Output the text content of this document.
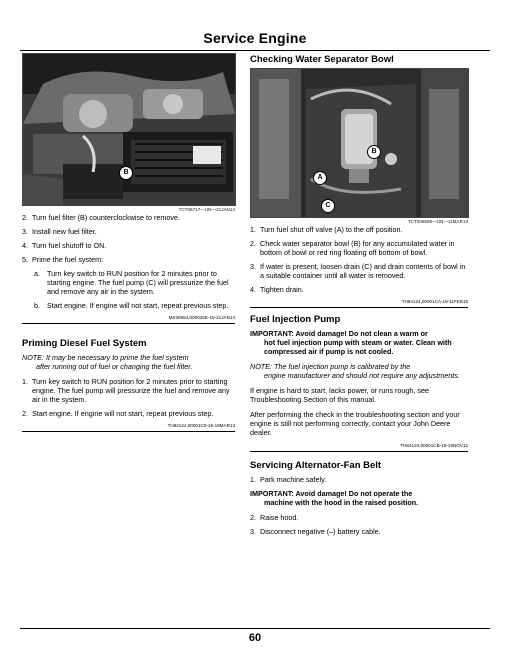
Service Engine
B
TCT06717—UN—21JAN14
2. Turn fuel filter (B) counterclockwise to remove.
3. Install new fuel filter.
4. Turn fuel shutoff to ON.
5. Prime the fuel system:
a. Turn key switch to RUN position for 2 minutes prior to starting engine. The fuel pump (C) will pressurize the fuel and remove any air in the system.
b. Start engine. If engine will not start, repeat previous step.
MX30654,000025E-19-21JAN14
Priming Diesel Fuel System
NOTE: It may be necessary to prime the fuel system
after running out of fuel or changing the fuel filter.
1. Turn key switch to RUN position for 2 minutes prior to starting engine. The fuel pump will pressurize the fuel and remove any air in the system.
2. Start engine. If engine will not start, repeat previous step.
TH84124,00001C9-19-19MAR13
Checking Water Separator Bowl
B
A
C
TCT006589—UN—11MAR13
1. Turn fuel shut off valve (A) to the off position.
2. Check water separator bowl (B) for any accumulated water in bottom of bowl or red ring floating off bottom of bowl.
3. If water is present, loosen drain (C) and drain contents of bowl in a suitable container until all water is removed.
4. Tighten drain.
TH84124,00001CA-19-11FEB15
Fuel Injection Pump
IMPORTANT: Avoid damage! Do not clean a warm or
hot fuel injection pump with steam or water. Clean with compressed air if pump is not cooled.
NOTE: The fuel injection pump is calibrated by the
engine manufacturer and should not require any adjustments.
If engine is hard to start, lacks power, or runs rough, see Troubleshooting Section of this manual.
After performing the check in the troubleshooting section and your engine is still not performing correctly, contact your John Deere dealer.
TH84124,00001CB-19-19NOV12
Servicing Alternator-Fan Belt
1. Park machine safely.
IMPORTANT: Avoid damage! Do not operate the
machine with the hood in the raised position.
2. Raise hood.
3. Disconnect negative (–) battery cable.
60
